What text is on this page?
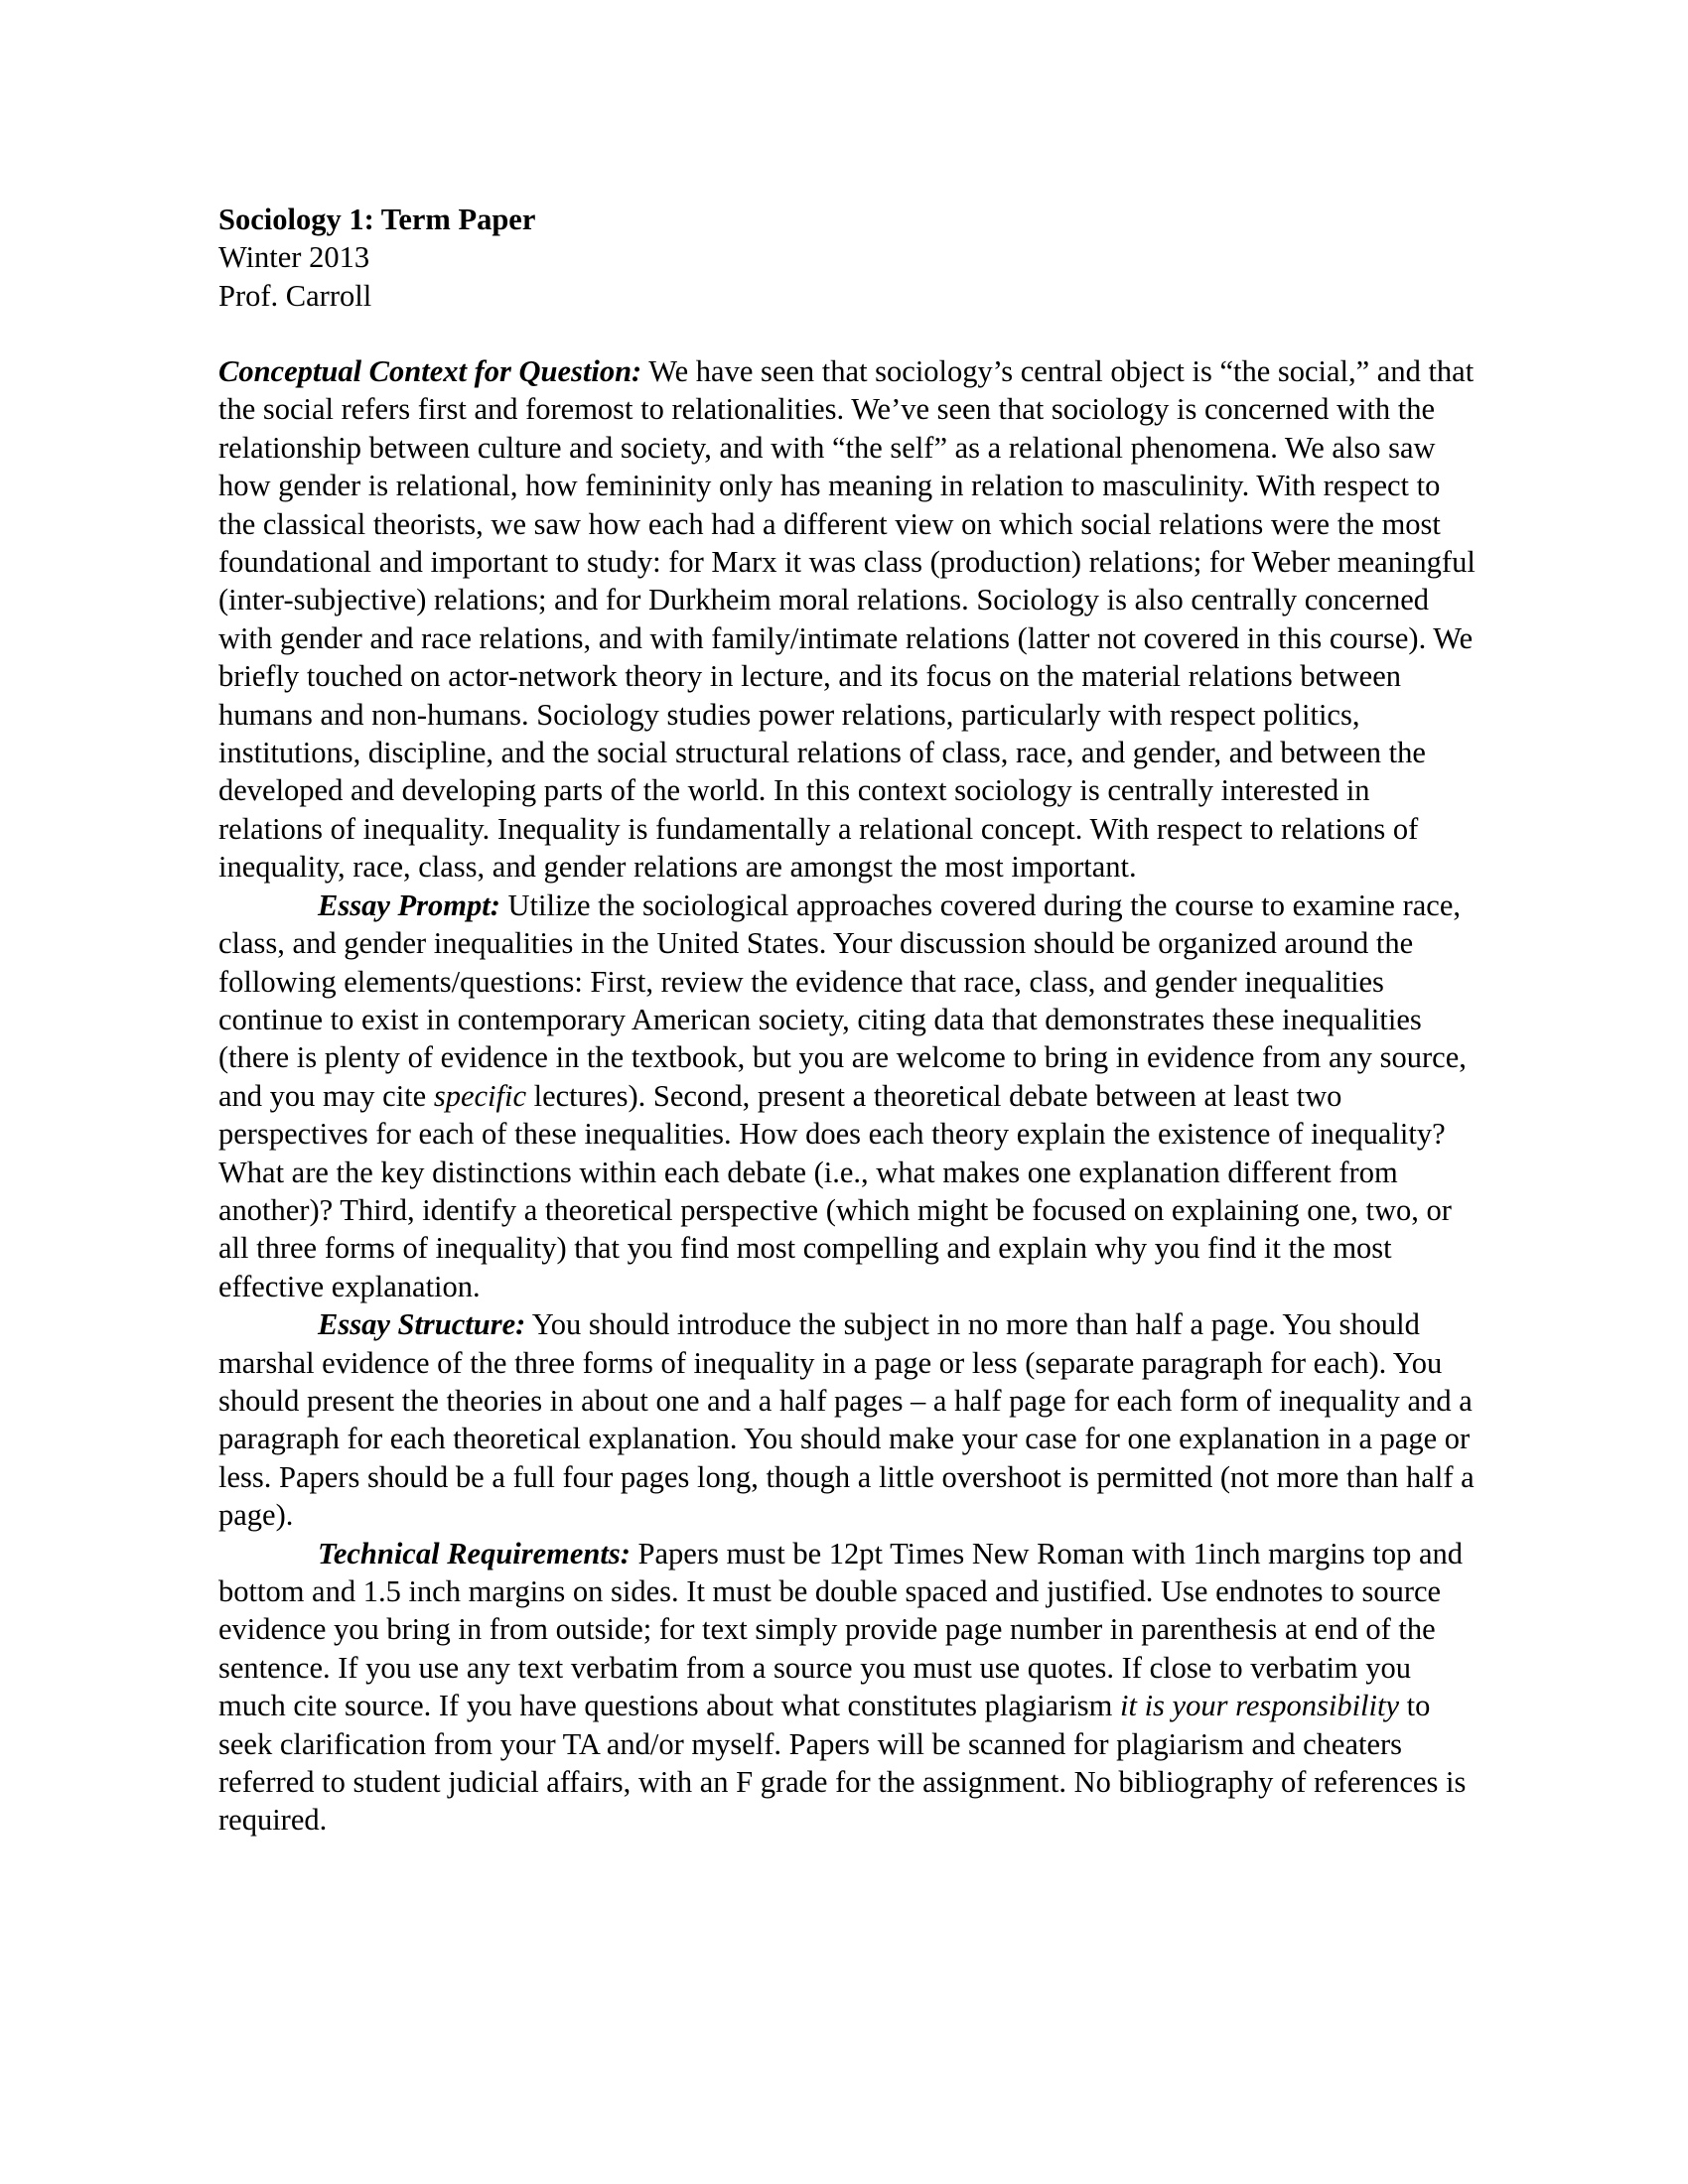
Sociology 1: Term Paper
Winter 2013
Prof. Carroll

Conceptual Context for Question: We have seen that sociology’s central object is “the social,” and that the social refers first and foremost to relationalities. We’ve seen that sociology is concerned with the relationship between culture and society, and with “the self” as a relational phenomena. We also saw how gender is relational, how femininity only has meaning in relation to masculinity. With respect to the classical theorists, we saw how each had a different view on which social relations were the most foundational and important to study: for Marx it was class (production) relations; for Weber meaningful (inter-subjective) relations; and for Durkheim moral relations. Sociology is also centrally concerned with gender and race relations, and with family/intimate relations (latter not covered in this course). We briefly touched on actor-network theory in lecture, and its focus on the material relations between humans and non-humans. Sociology studies power relations, particularly with respect politics, institutions, discipline, and the social structural relations of class, race, and gender, and between the developed and developing parts of the world. In this context sociology is centrally interested in relations of inequality. Inequality is fundamentally a relational concept. With respect to relations of inequality, race, class, and gender relations are amongst the most important.

Essay Prompt: Utilize the sociological approaches covered during the course to examine race, class, and gender inequalities in the United States. Your discussion should be organized around the following elements/questions: First, review the evidence that race, class, and gender inequalities continue to exist in contemporary American society, citing data that demonstrates these inequalities (there is plenty of evidence in the textbook, but you are welcome to bring in evidence from any source, and you may cite specific lectures). Second, present a theoretical debate between at least two perspectives for each of these inequalities. How does each theory explain the existence of inequality? What are the key distinctions within each debate (i.e., what makes one explanation different from another)? Third, identify a theoretical perspective (which might be focused on explaining one, two, or all three forms of inequality) that you find most compelling and explain why you find it the most effective explanation.

Essay Structure: You should introduce the subject in no more than half a page. You should marshal evidence of the three forms of inequality in a page or less (separate paragraph for each). You should present the theories in about one and a half pages – a half page for each form of inequality and a paragraph for each theoretical explanation. You should make your case for one explanation in a page or less. Papers should be a full four pages long, though a little overshoot is permitted (not more than half a page).

Technical Requirements: Papers must be 12pt Times New Roman with 1inch margins top and bottom and 1.5 inch margins on sides. It must be double spaced and justified. Use endnotes to source evidence you bring in from outside; for text simply provide page number in parenthesis at end of the sentence. If you use any text verbatim from a source you must use quotes. If close to verbatim you much cite source. If you have questions about what constitutes plagiarism it is your responsibility to seek clarification from your TA and/or myself. Papers will be scanned for plagiarism and cheaters referred to student judicial affairs, with an F grade for the assignment. No bibliography of references is required.
